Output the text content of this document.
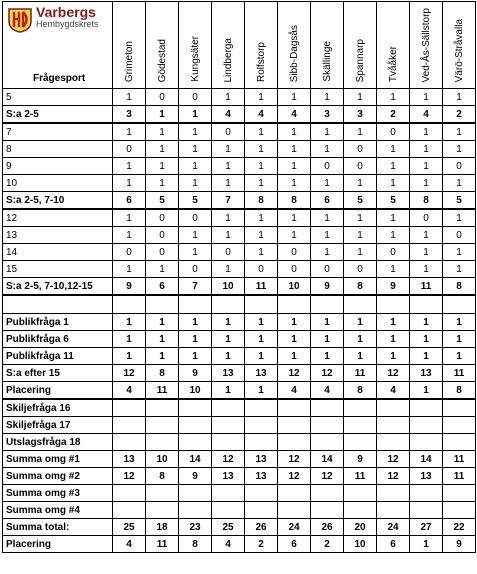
Varbergs
Hembygdskrets
Frågesport	Grimeton	Gödestad	Kungsäter	Lindberga	Rolfstorp	Sibb-Dagsås	Skällinge	Spannarp	Tvååker	Ved-Ås-Sällstorp	Värö-Stråvalla
5	1	0	0	1	1	1	1	1	1	1	1
S:a 2-5	3	1	1	4	4	4	3	3	2	4	2
7	1	1	1	0	1	1	1	1	0	1	1
8	0	1	1	1	1	1	1	0	1	1	1
9	1	1	1	1	1	1	0	0	1	1	0
10	1	1	1	1	1	1	1	1	1	1	1
S:a 2-5, 7-10	6	5	5	7	8	8	6	5	5	8	5
12	1	0	0	1	1	1	1	1	1	0	1
13	1	0	1	1	1	1	1	1	1	1	0
14	0	0	1	0	1	0	1	1	0	1	1
15	1	1	0	1	0	0	0	0	1	1	1
S:a 2-5, 7-10,12-15	9	6	7	10	11	10	9	8	9	11	8

Publikfråga 1	1	1	1	1	1	1	1	1	1	1	1
Publikfråga 6	1	1	1	1	1	1	1	1	1	1	1
Publikfråga 11	1	1	1	1	1	1	1	1	1	1	1
S:a efter 15	12	8	9	13	13	12	12	11	12	13	11
Placering	4	11	10	1	1	4	4	8	4	1	8
Skiljefråga 16											
Skiljefråga 17											
Utslagsfråga 18											
Summa omg #1	13	10	14	12	13	12	14	9	12	14	11
Summa omg #2	12	8	9	13	13	12	12	11	12	13	11
Summa omg #3											
Summa omg #4											
Summa total:	25	18	23	25	26	24	26	20	24	27	22
Placering	4	11	8	4	2	6	2	10	6	1	9
